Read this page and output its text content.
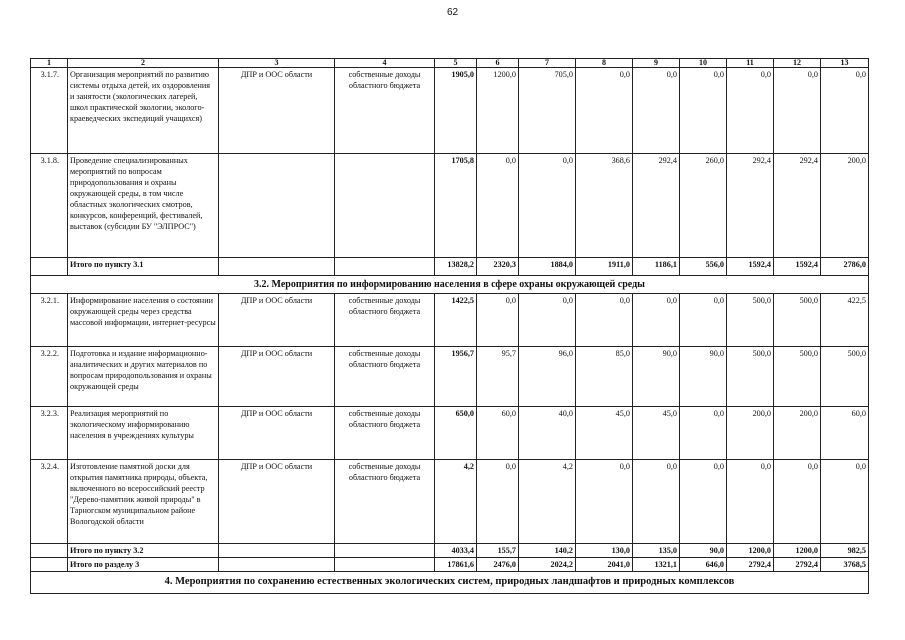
62
1	2	3	4	5	6	7	8	9	10	11	12	13
3.1.7.	Организация мероприятий по развитию системы отдыха детей, их оздоровления и занятости (экологических лагерей, школ практической экологии, эколого-краеведческих экспедиций учащихся)	ДПР и ООС области	собственные доходы областного бюджета	1905,0	1200,0	705,0	0,0	0,0	0,0	0,0	0,0	0,0
3.1.8.	Проведение специализированных мероприятий по вопросам природопользования и охраны окружающей среды, в том числе областных экологических смотров, конкурсов, конференций, фестивалей, выставок (субсидии БУ "ЭЛПРОС")			1705,8	0,0	0,0	368,6	292,4	260,0	292,4	292,4	200,0
	Итого по пункту 3.1			13828,2	2320,3	1884,0	1911,0	1186,1	556,0	1592,4	1592,4	2786,0
3.2. Мероприятия по информированию населения в сфере охраны окружающей среды												
3.2.1.	Информирование населения о состоянии окружающей среды через средства массовой информации, интернет-ресурсы	ДПР и ООС области	собственные доходы областного бюджета	1422,5	0,0	0,0	0,0	0,0	0,0	500,0	500,0	422,5
3.2.2.	Подготовка и издание информационно-аналитических и других материалов по вопросам природопользования и охраны окружающей среды	ДПР и ООС области	собственные доходы областного бюджета	1956,7	95,7	96,0	85,0	90,0	90,0	500,0	500,0	500,0
3.2.3.	Реализация мероприятий по экологическому информированию населения в учреждениях культуры	ДПР и ООС области	собственные доходы областного бюджета	650,0	60,0	40,0	45,0	45,0	0,0	200,0	200,0	60,0
3.2.4.	Изготовление памятной доски для открытия памятника природы, объекта, включенного во всероссийский реестр "Дерево-памятник живой природы" в Тарногском муниципальном районе Вологодской области	ДПР и ООС области	собственные доходы областного бюджета	4,2	0,0	4,2	0,0	0,0	0,0	0,0	0,0	0,0
	Итого по пункту 3.2			4033,4	155,7	140,2	130,0	135,0	90,0	1200,0	1200,0	982,5
	Итого по разделу 3			17861,6	2476,0	2024,2	2041,0	1321,1	646,0	2792,4	2792,4	3768,5
4. Мероприятия по сохранению естественных экологических систем, природных ландшафтов и природных комплексов												
